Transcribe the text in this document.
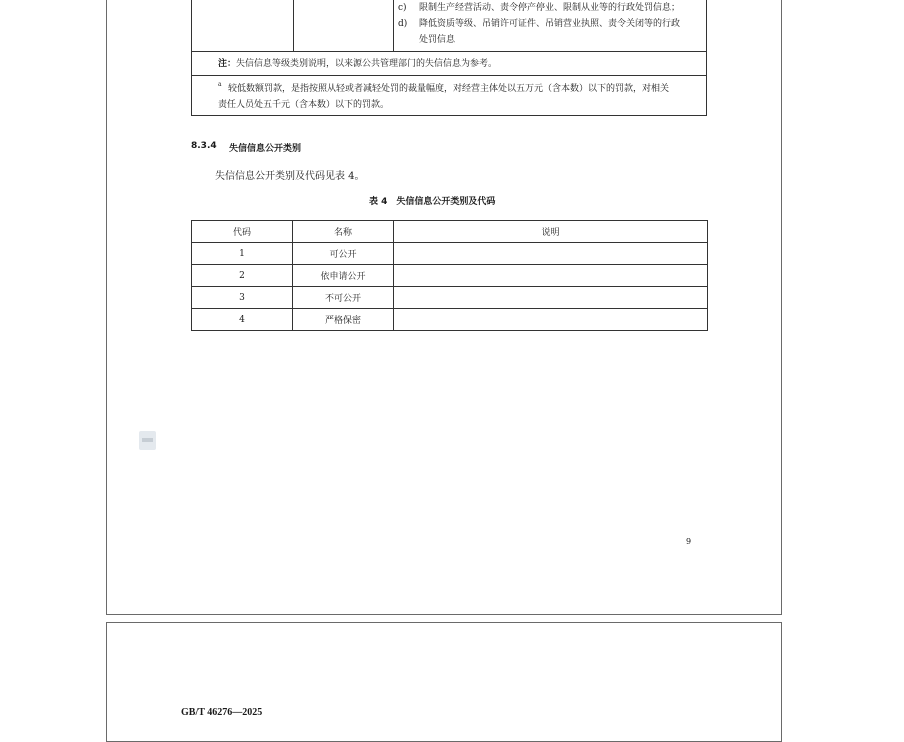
c) 限制生产经营活动、责令停产停业、限制从业等的行政处罚信息；
d) 降低资质等级、吊销许可证件、吊销营业执照、责令关闭等的行政
处罚信息
注： 失信信息等级类别说明，以来源公共管理部门的失信信息为参考。
a 较低数额罚款，是指按照从轻或者减轻处罚的裁量幅度，对经营主体处以五万元（含本数）以下的罚款，对相关
责任人员处五千元（含本数）以下的罚款。
8.3.4 失信信息公开类别
失信信息公开类别及代码见表 4。
表 4　失信信息公开类别及代码
代码	名称	说明
1	可公开	
2	依申请公开	
3	不可公开	
4	严格保密	
9
GB/T 46276—2025
